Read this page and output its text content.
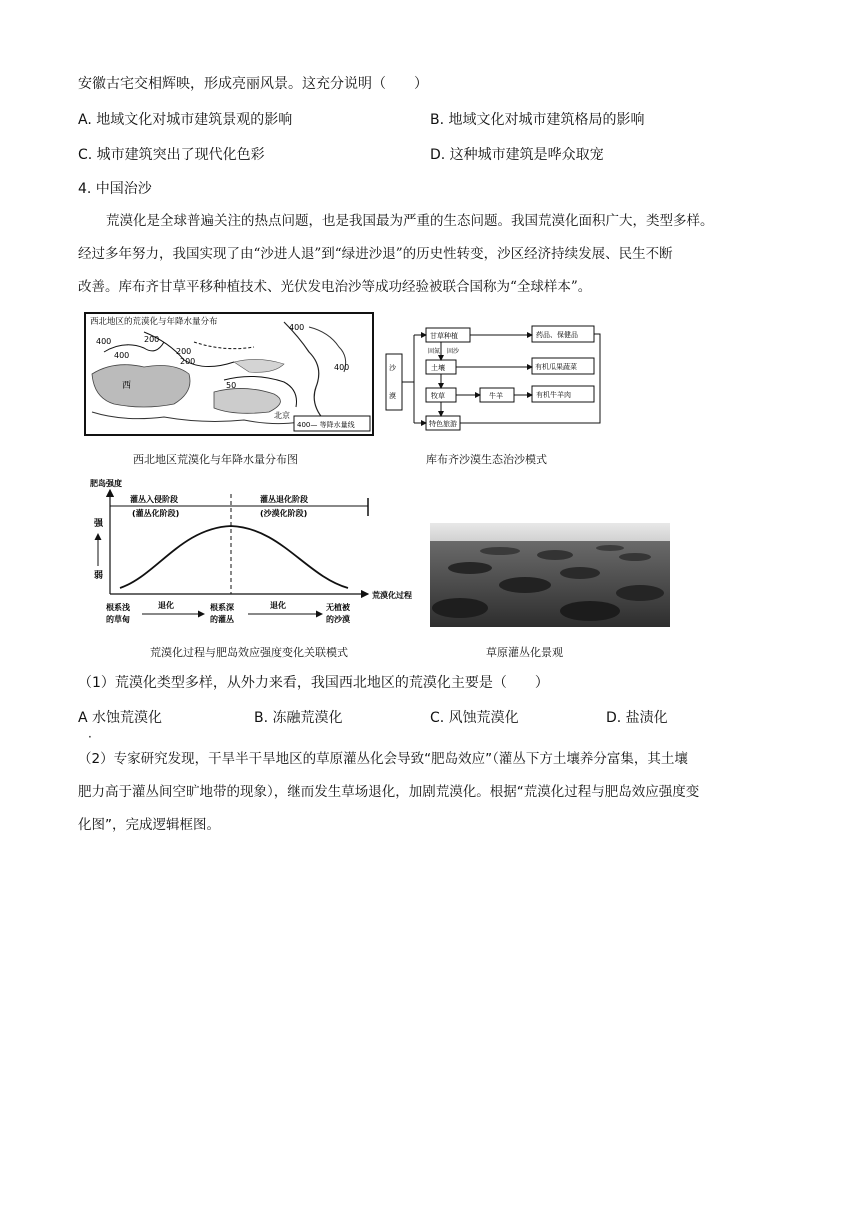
安徽古宅交相辉映，形成亮丽风景。这充分说明（　　）
A. 地域文化对城市建筑景观的影响	B. 地域文化对城市建筑格局的影响
C. 城市建筑突出了现代化色彩	D. 这种城市建筑是哗众取宠
4. 中国治沙
荒漠化是全球普遍关注的热点问题，也是我国最为严重的生态问题。我国荒漠化面积广大，类型多样。
经过多年努力，我国实现了由“沙进人退”到“绿进沙退”的历史性转变，沙区经济持续发展、民生不断
改善。库布齐甘草平移种植技术、光伏发电治沙等成功经验被联合国称为“全球样本”。
西北地区的荒漠化与年降水量分布
400
400
200
200
200
400
50
400
西
北京
400— 等降水量线
西北地区荒漠化与年降水量分布图
沙
漠
甘草种植
土壤
牧草
特色旅游
药品、保健品
有机瓜果蔬菜
牛羊	有机牛羊肉
固氮 固沙
库布齐沙漠生态治沙模式
肥岛强度
荒漠化过程
强
弱
灌丛入侵阶段
(灌丛化阶段)
灌丛退化阶段
(沙漠化阶段)
根系浅
的草甸
根系深
的灌丛
无植被
的沙漠
退化	退化
荒漠化过程与肥岛效应强度变化关联模式	草原灌丛化景观
（1）荒漠化类型多样，从外力来看，我国西北地区的荒漠化主要是（　　）
A 水蚀荒漠化	B. 冻融荒漠化	C. 风蚀荒漠化	D. 盐渍化
·
（2）专家研究发现，干旱半干旱地区的草原灌丛化会导致“肥岛效应”（灌丛下方土壤养分富集，其土壤
肥力高于灌丛间空旷地带的现象），继而发生草场退化，加剧荒漠化。根据“荒漠化过程与肥岛效应强度变
化图”，完成逻辑框图。
